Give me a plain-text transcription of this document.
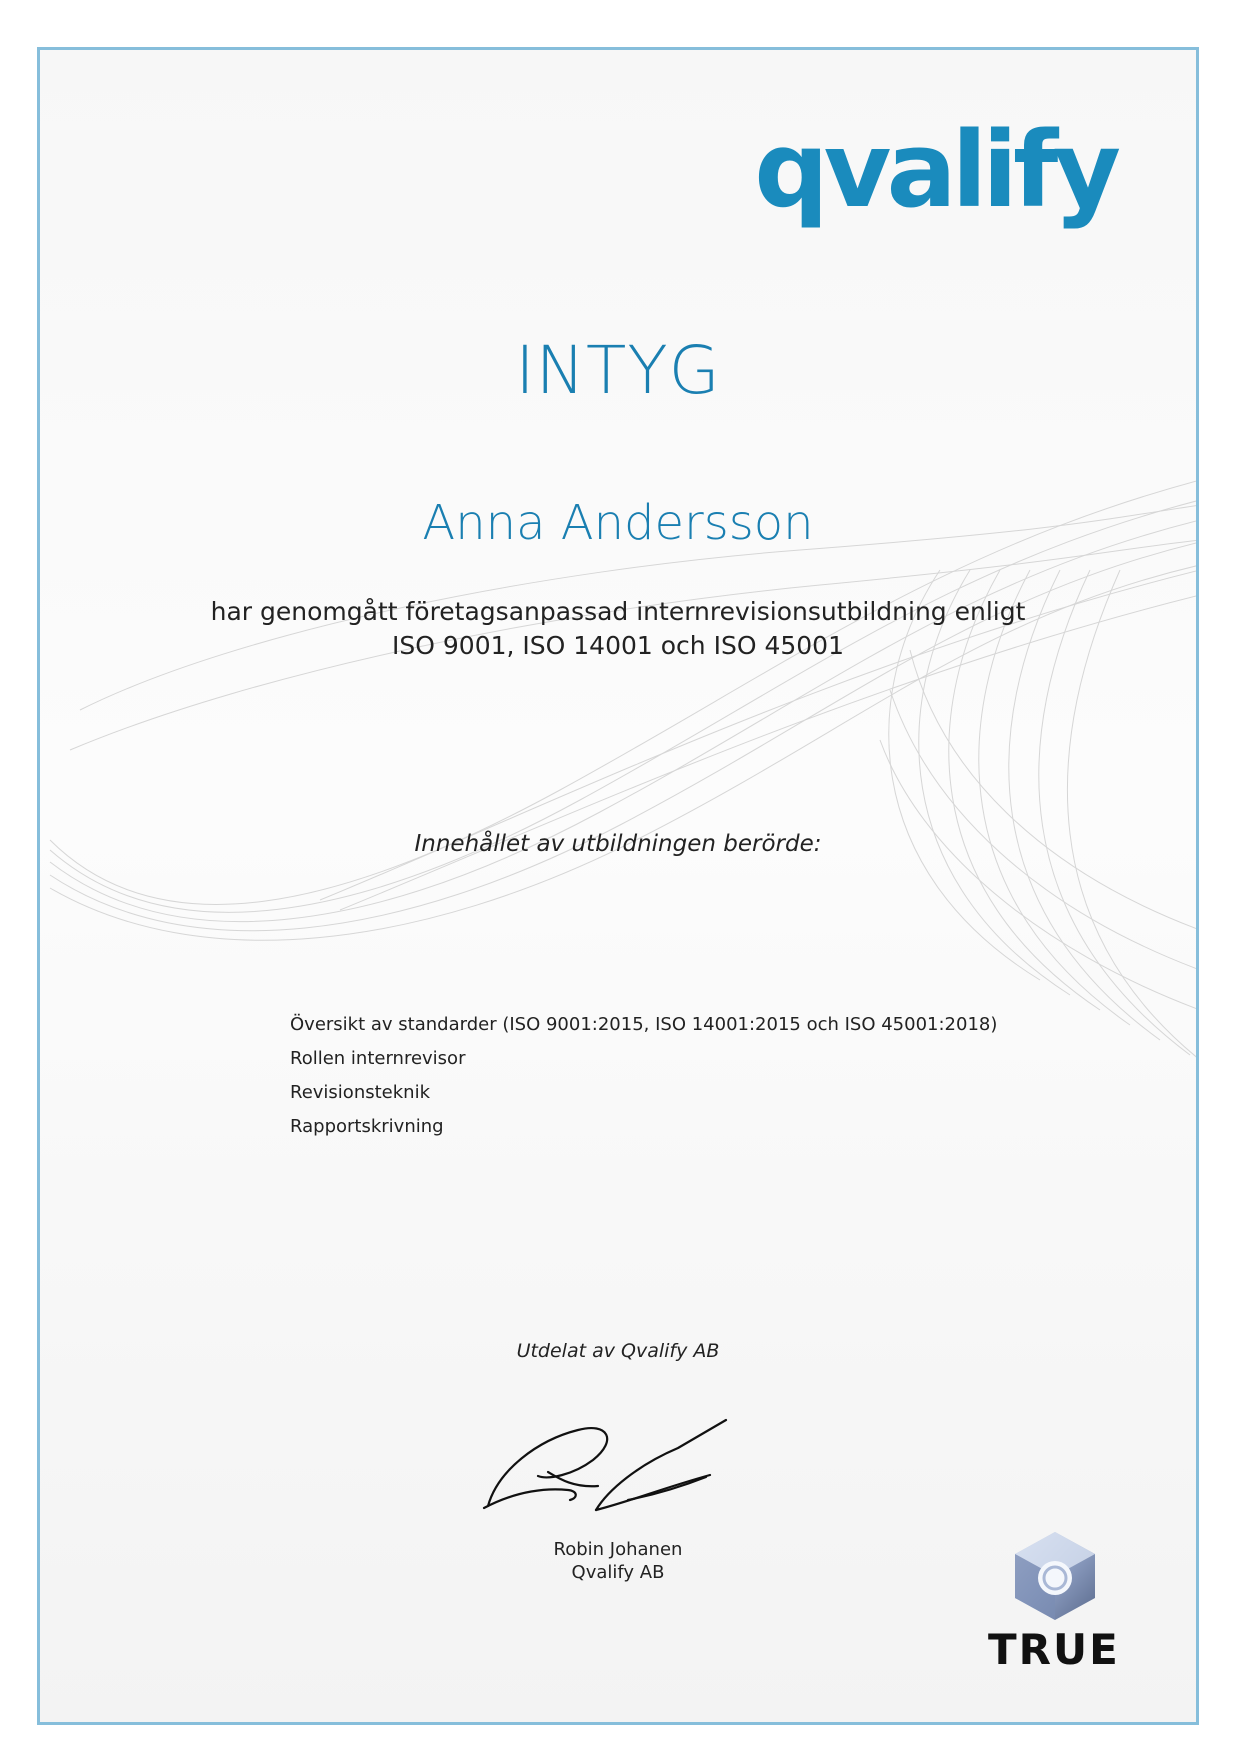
qvalify
INTYG
Anna Andersson
har genomgått företagsanpassad internrevisionsutbildning enligt
ISO 9001, ISO 14001 och ISO 45001
Innehållet av utbildningen berörde:
Översikt av standarder (ISO 9001:2015, ISO 14001:2015 och ISO 45001:2018)
Rollen internrevisor
Revisionsteknik
Rapportskrivning
Utdelat av Qvalify AB
Robin Johanen
Qvalify AB
TRUE
